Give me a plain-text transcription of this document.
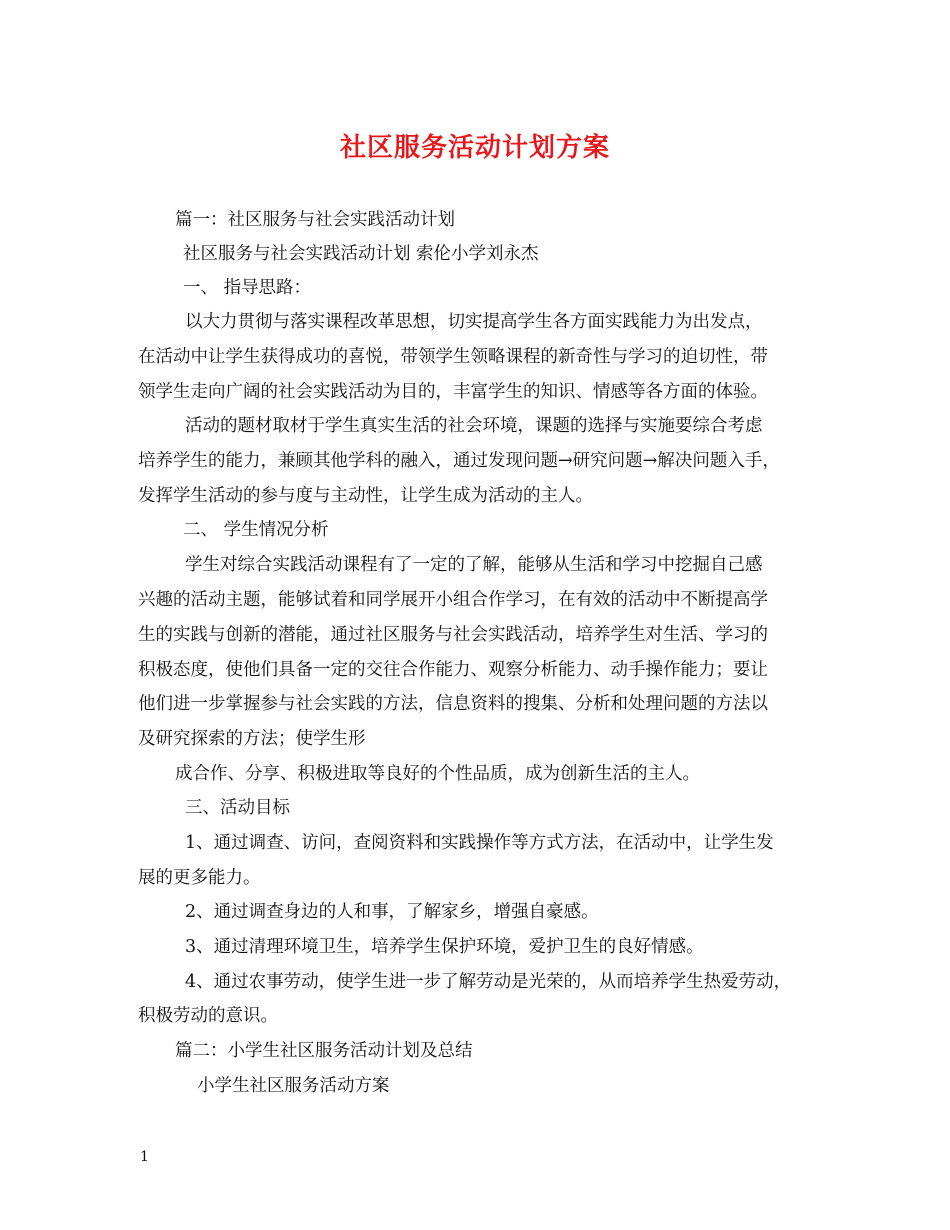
社区服务活动计划方案
篇一：社区服务与社会实践活动计划
社区服务与社会实践活动计划 索伦小学刘永杰
一、 指导思路：
以大力贯彻与落实课程改革思想，切实提高学生各方面实践能力为出发点，
在活动中让学生获得成功的喜悦，带领学生领略课程的新奇性与学习的迫切性，带
领学生走向广阔的社会实践活动为目的，丰富学生的知识、情感等各方面的体验。
活动的题材取材于学生真实生活的社会环境，课题的选择与实施要综合考虑
培养学生的能力，兼顾其他学科的融入，通过发现问题→研究问题→解决问题入手，
发挥学生活动的参与度与主动性，让学生成为活动的主人。
二、 学生情况分析
学生对综合实践活动课程有了一定的了解，能够从生活和学习中挖掘自己感
兴趣的活动主题，能够试着和同学展开小组合作学习，在有效的活动中不断提高学
生的实践与创新的潜能，通过社区服务与社会实践活动，培养学生对生活、学习的
积极态度，使他们具备一定的交往合作能力、观察分析能力、动手操作能力；要让
他们进一步掌握参与社会实践的方法，信息资料的搜集、分析和处理问题的方法以
及研究探索的方法；使学生形
成合作、分享、积极进取等良好的个性品质，成为创新生活的主人。
三、活动目标
1、通过调查、访问，查阅资料和实践操作等方式方法，在活动中，让学生发
展的更多能力。
2、通过调查身边的人和事，了解家乡，增强自豪感。
3、通过清理环境卫生，培养学生保护环境，爱护卫生的良好情感。
4、通过农事劳动，使学生进一步了解劳动是光荣的，从而培养学生热爱劳动，
积极劳动的意识。
篇二：小学生社区服务活动计划及总结
小学生社区服务活动方案
1
